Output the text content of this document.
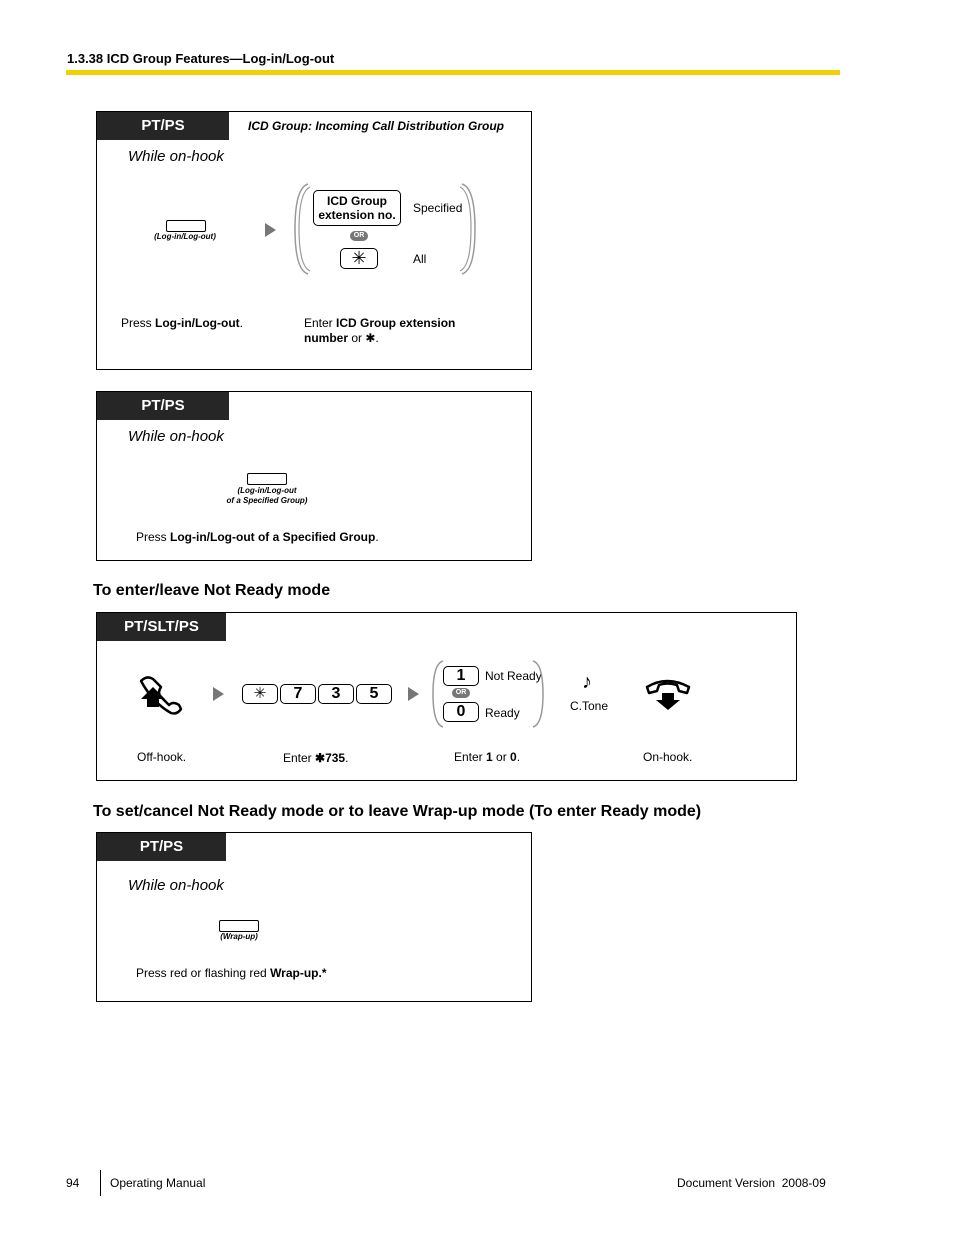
1.3.38 ICD Group Features—Log-in/Log-out
PT/PS	ICD Group: Incoming Call Distribution Group
While on-hook
(Log-in/Log-out)
ICD Group
extension no.
OR
✳
Specified
All
Press Log-in/Log-out.	Enter ICD Group extension
number or ✱.
PT/PS
While on-hook
(Log-in/Log-out
of a Specified Group)
Press Log-in/Log-out of a Specified Group.
To enter/leave Not Ready mode
PT/SLT/PS
✳	7	3	5
1
OR
0
Not Ready
Ready
♪
C.Tone
Off-hook.	Enter ✱735.	Enter 1 or 0.	On-hook.
To set/cancel Not Ready mode or to leave Wrap-up mode (To enter Ready mode)
PT/PS
While on-hook
(Wrap-up)
Press red or flashing red Wrap-up.*
94	Operating Manual	Document Version  2008-09
